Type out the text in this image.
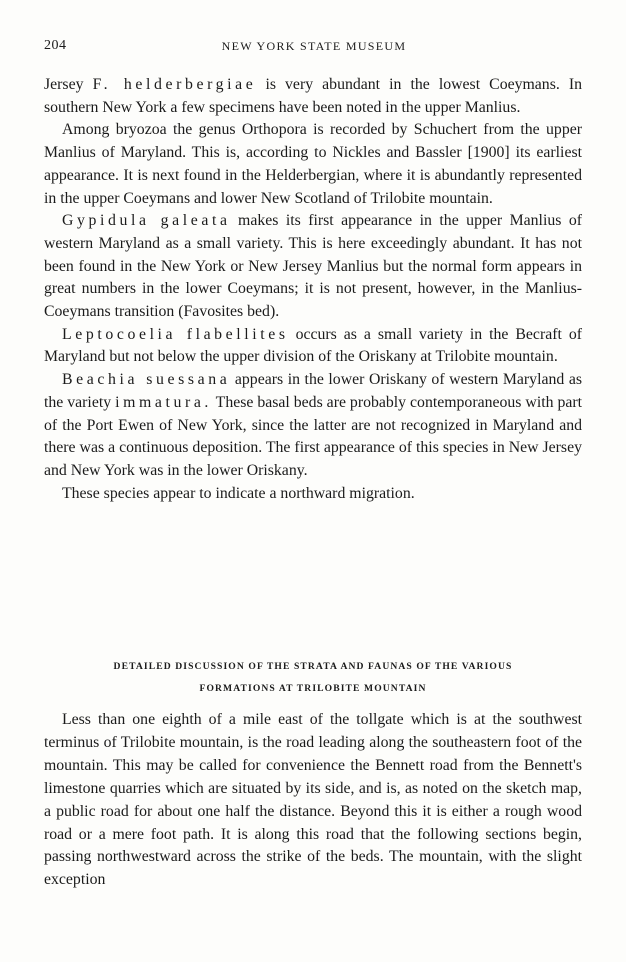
204	NEW YORK STATE MUSEUM

Jersey F. helderbergiae is very abundant in the lowest Coeymans. In southern New York a few specimens have been noted in the upper Manlius.

Among bryozoa the genus Orthopora is recorded by Schuchert from the upper Manlius of Maryland. This is, according to Nickles and Bassler [1900] its earliest appearance. It is next found in the Helderbergian, where it is abundantly represented in the upper Coeymans and lower New Scotland of Trilobite mountain.

Gypidula galeata makes its first appearance in the upper Manlius of western Maryland as a small variety. This is here exceedingly abundant. It has not been found in the New York or New Jersey Manlius but the normal form appears in great numbers in the lower Coeymans; it is not present, however, in the Manlius-Coeymans transition (Favosites bed).

Leptocoelia flabellites occurs as a small variety in the Becraft of Maryland but not below the upper division of the Oriskany at Trilobite mountain.

Beachia suessana appears in the lower Oriskany of western Maryland as the variety immatura. These basal beds are probably contemporaneous with part of the Port Ewen of New York, since the latter are not recognized in Maryland and there was a continuous deposition. The first appearance of this species in New Jersey and New York was in the lower Oriskany.

These species appear to indicate a northward migration.

DETAILED DISCUSSION OF THE STRATA AND FAUNAS OF THE VARIOUS
FORMATIONS AT TRILOBITE MOUNTAIN

Less than one eighth of a mile east of the tollgate which is at the southwest terminus of Trilobite mountain, is the road leading along the southeastern foot of the mountain. This may be called for convenience the Bennett road from the Bennett's limestone quarries which are situated by its side, and is, as noted on the sketch map, a public road for about one half the distance. Beyond this it is either a rough wood road or a mere foot path. It is along this road that the following sections begin, passing northwestward across the strike of the beds. The mountain, with the slight exception
